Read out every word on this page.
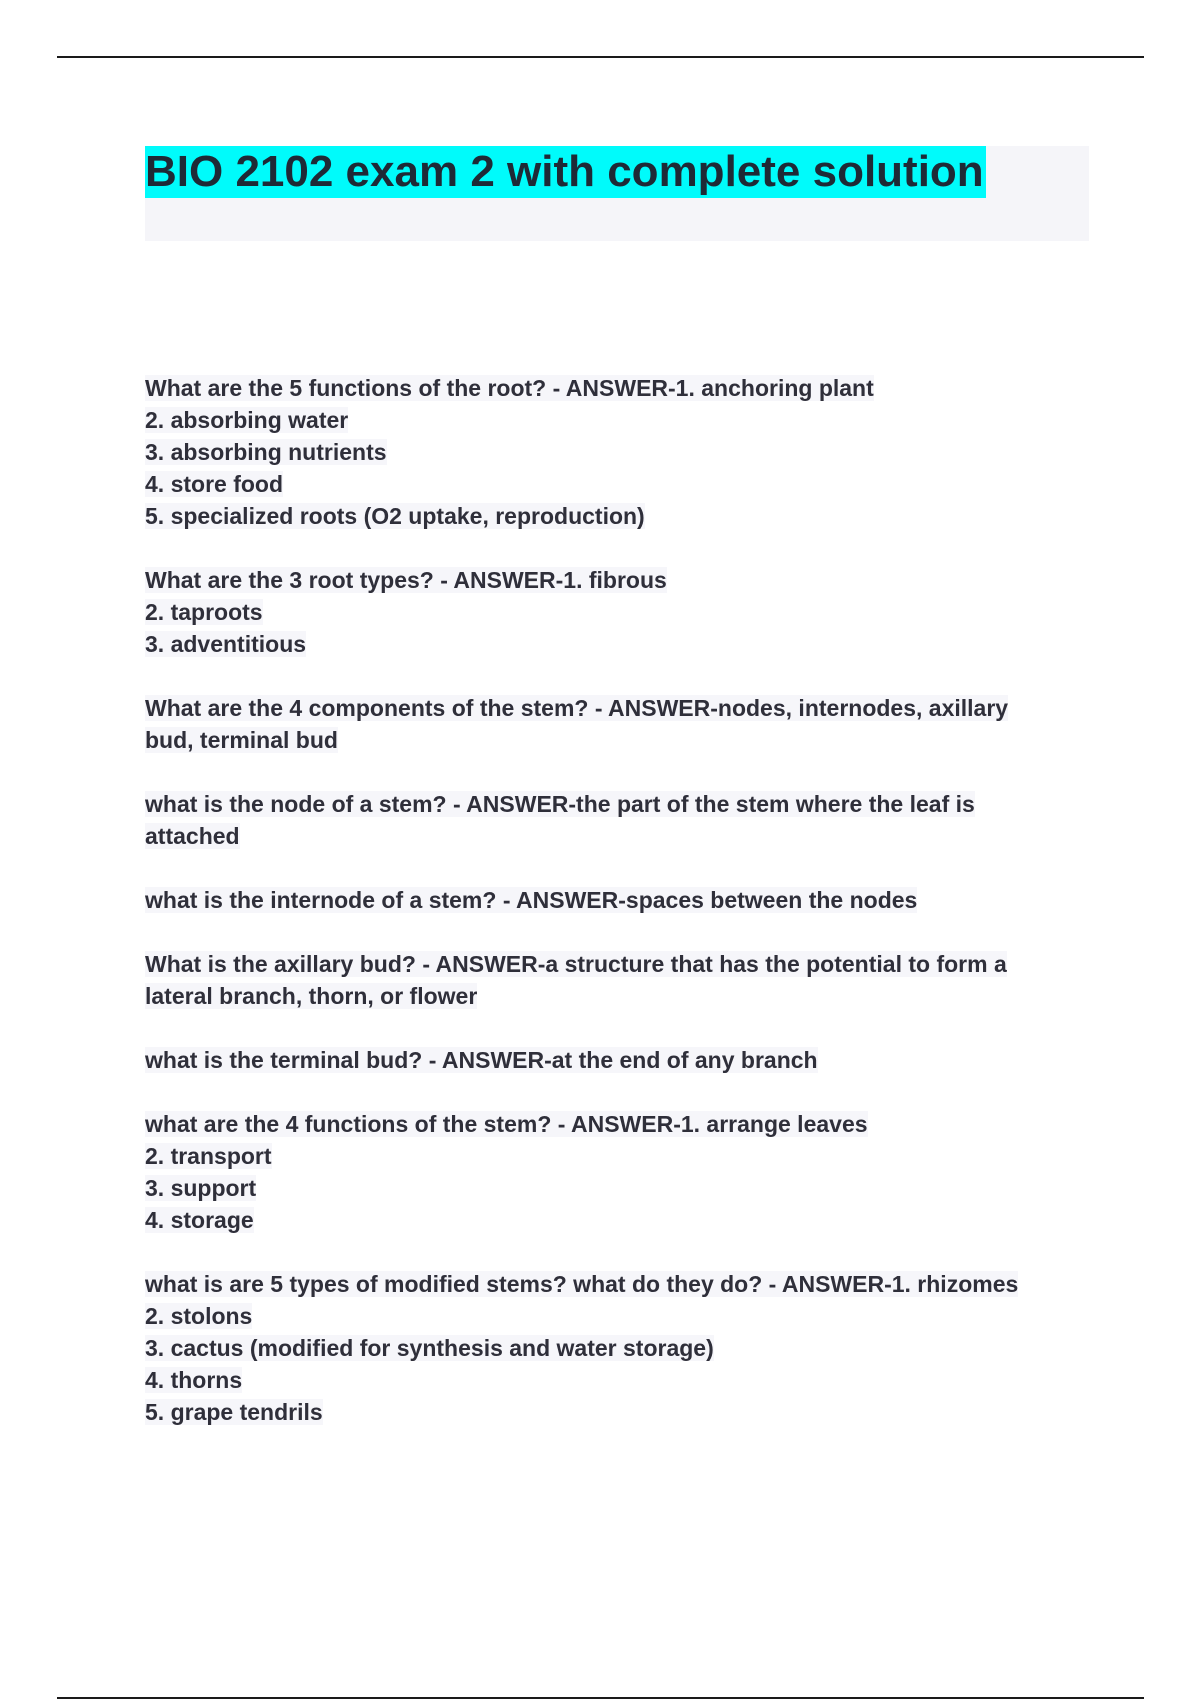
BIO 2102 exam 2 with complete solution

What are the 5 functions of the root? - ANSWER-1. anchoring plant

2. absorbing water

3. absorbing nutrients

4. store food

5. specialized roots (O2 uptake, reproduction)

What are the 3 root types? - ANSWER-1. fibrous

2. taproots

3. adventitious

What are the 4 components of the stem? - ANSWER-nodes, internodes, axillary

bud, terminal bud

what is the node of a stem? - ANSWER-the part of the stem where the leaf is

attached

what is the internode of a stem? - ANSWER-spaces between the nodes

What is the axillary bud? - ANSWER-a structure that has the potential to form a

lateral branch, thorn, or flower

what is the terminal bud? - ANSWER-at the end of any branch

what are the 4 functions of the stem? - ANSWER-1. arrange leaves

2. transport

3. support

4. storage

what is are 5 types of modified stems? what do they do? - ANSWER-1. rhizomes

2. stolons

3. cactus (modified for synthesis and water storage)

4. thorns

5. grape tendrils
